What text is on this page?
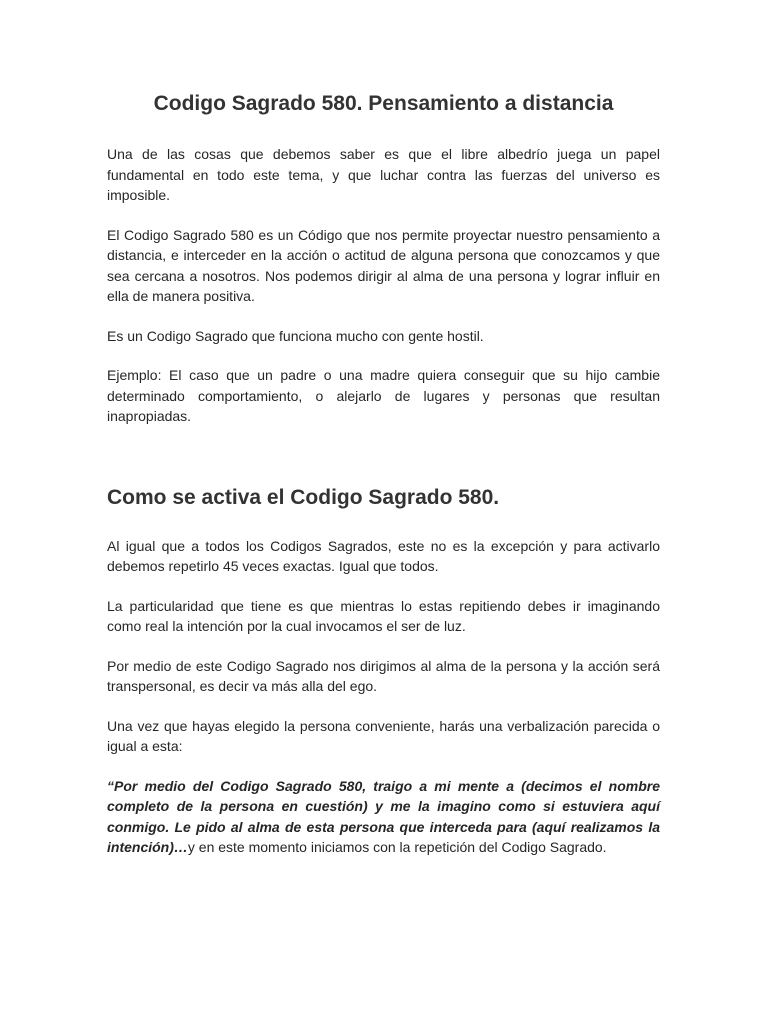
Codigo Sagrado 580. Pensamiento a distancia

Una de las cosas que debemos saber es que el libre albedrío juega un papel fundamental en todo este tema, y que luchar contra las fuerzas del universo es imposible.

El Codigo Sagrado 580 es un Código que nos permite proyectar nuestro pensamiento a distancia, e interceder en la acción o actitud de alguna persona que conozcamos y que sea cercana a nosotros. Nos podemos dirigir al alma de una persona y lograr influir en ella de manera positiva.

Es un Codigo Sagrado que funciona mucho con gente hostil.

Ejemplo: El caso que un padre o una madre quiera conseguir que su hijo cambie determinado comportamiento, o alejarlo de lugares y personas que resultan inapropiadas.

Como se activa el Codigo Sagrado 580.

Al igual que a todos los Codigos Sagrados, este no es la excepción y para activarlo debemos repetirlo 45 veces exactas. Igual que todos.

La particularidad que tiene es que mientras lo estas repitiendo debes ir imaginando como real la intención por la cual invocamos el ser de luz.

Por medio de este Codigo Sagrado nos dirigimos al alma de la persona y la acción será transpersonal, es decir va más alla del ego.

Una vez que hayas elegido la persona conveniente, harás una verbalización parecida o igual a esta:

“Por medio del Codigo Sagrado 580, traigo a mi mente a (decimos el nombre completo de la persona en cuestión) y me la imagino como si estuviera aquí conmigo. Le pido al alma de esta persona que interceda para (aquí realizamos la intención)…y en este momento iniciamos con la repetición del Codigo Sagrado.
